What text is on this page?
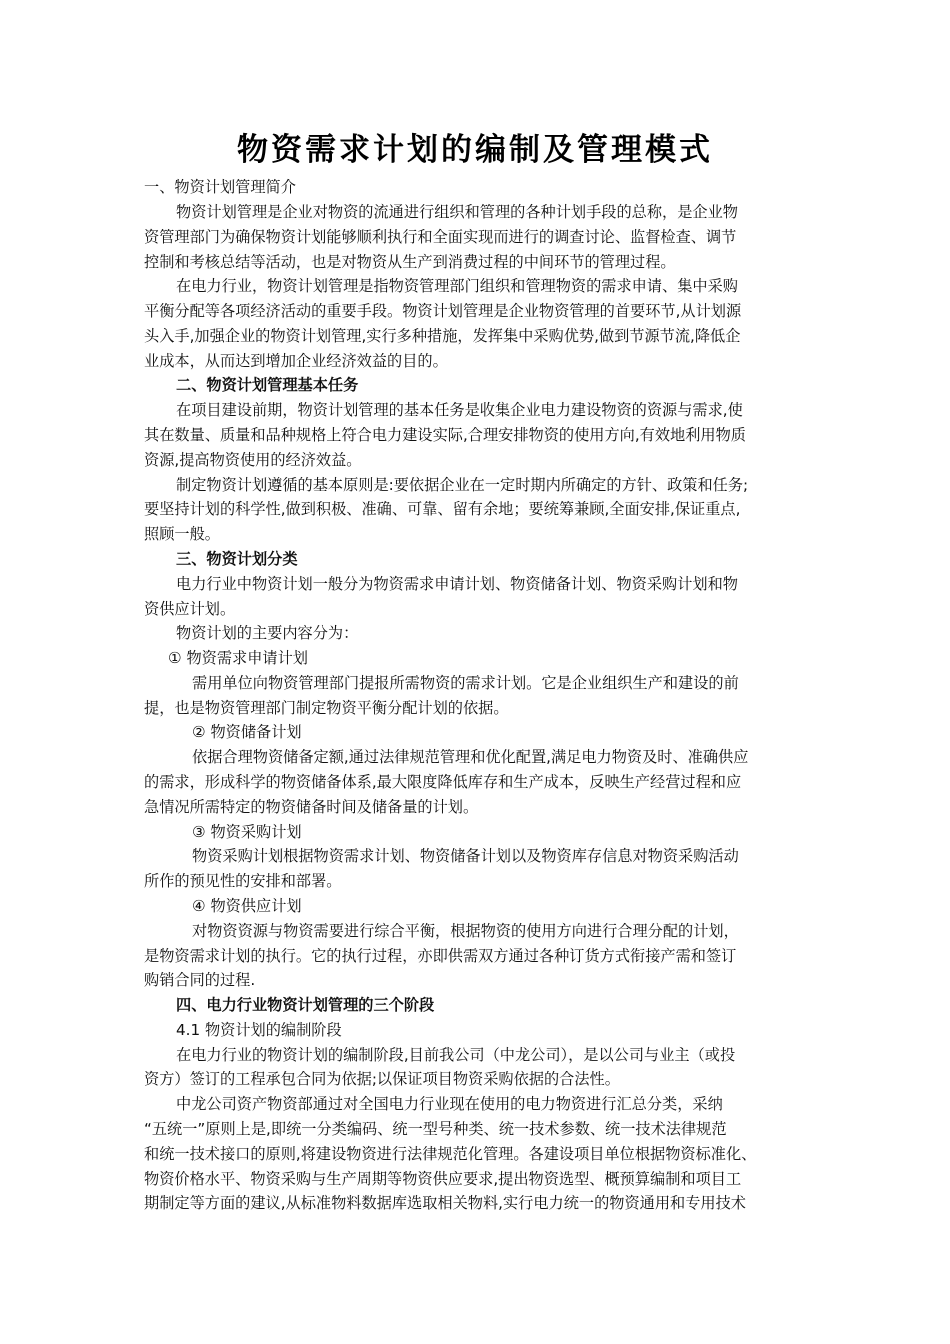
物资需求计划的编制及管理模式
一、物资计划管理简介
物资计划管理是企业对物资的流通进行组织和管理的各种计划手段的总称，是企业物
资管理部门为确保物资计划能够顺利执行和全面实现而进行的调查讨论、监督检查、调节
控制和考核总结等活动，也是对物资从生产到消费过程的中间环节的管理过程。
在电力行业，物资计划管理是指物资管理部门组织和管理物资的需求申请、集中采购
平衡分配等各项经济活动的重要手段。物资计划管理是企业物资管理的首要环节,从计划源
头入手,加强企业的物资计划管理,实行多种措施，发挥集中采购优势,做到节源节流,降低企
业成本，从而达到增加企业经济效益的目的。
二、物资计划管理基本任务
在项目建设前期，物资计划管理的基本任务是收集企业电力建设物资的资源与需求,使
其在数量、质量和品种规格上符合电力建设实际,合理安排物资的使用方向,有效地利用物质
资源,提高物资使用的经济效益。
制定物资计划遵循的基本原则是:要依据企业在一定时期内所确定的方针、政策和任务;
要坚持计划的科学性,做到积极、准确、可靠、留有余地；要统筹兼顾,全面安排,保证重点,
照顾一般。
三、物资计划分类
电力行业中物资计划一般分为物资需求申请计划、物资储备计划、物资采购计划和物
资供应计划。
物资计划的主要内容分为：
① 物资需求申请计划
需用单位向物资管理部门提报所需物资的需求计划。它是企业组织生产和建设的前
提，也是物资管理部门制定物资平衡分配计划的依据。
② 物资储备计划
依据合理物资储备定额,通过法律规范管理和优化配置,满足电力物资及时、准确供应
的需求，形成科学的物资储备体系,最大限度降低库存和生产成本，反映生产经营过程和应
急情况所需特定的物资储备时间及储备量的计划。
③ 物资采购计划
物资采购计划根据物资需求计划、物资储备计划以及物资库存信息对物资采购活动
所作的预见性的安排和部署。
④ 物资供应计划
对物资资源与物资需要进行综合平衡，根据物资的使用方向进行合理分配的计划，
是物资需求计划的执行。它的执行过程，亦即供需双方通过各种订货方式衔接产需和签订
购销合同的过程.
四、电力行业物资计划管理的三个阶段
4.1 物资计划的编制阶段
在电力行业的物资计划的编制阶段,目前我公司（中龙公司），是以公司与业主（或投
资方）签订的工程承包合同为依据;以保证项目物资采购依据的合法性。
中龙公司资产物资部通过对全国电力行业现在使用的电力物资进行汇总分类，采纳
“五统一”原则上是,即统一分类编码、统一型号种类、统一技术参数、统一技术法律规范
和统一技术接口的原则,将建设物资进行法律规范化管理。各建设项目单位根据物资标准化、
物资价格水平、物资采购与生产周期等物资供应要求,提出物资选型、概预算编制和项目工
期制定等方面的建议,从标准物料数据库选取相关物料,实行电力统一的物资通用和专用技术
